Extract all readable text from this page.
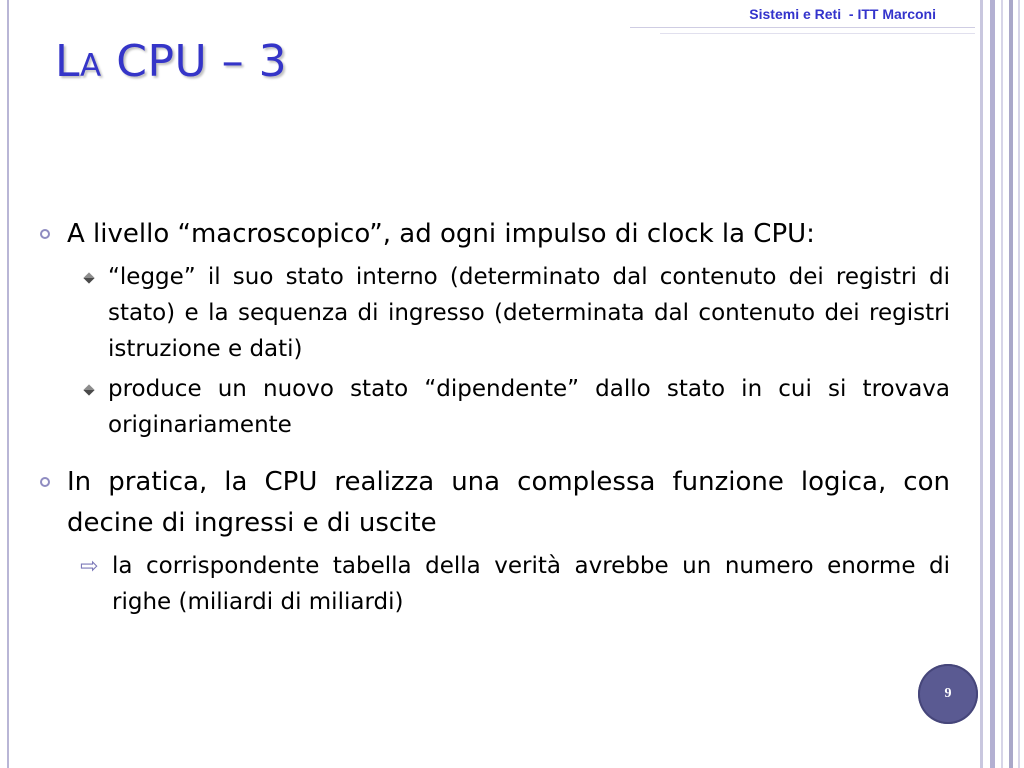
Sistemi e Reti  - ITT Marconi
La CPU – 3
A livello “macroscopico”, ad ogni impulso di clock la CPU:
“legge” il suo stato interno (determinato dal contenuto dei registri di stato) e la sequenza di ingresso (determinata dal contenuto dei registri istruzione e dati)
produce un nuovo stato “dipendente” dallo stato in cui si trovava originariamente
In pratica, la CPU realizza una complessa funzione logica, con decine di ingressi e di uscite
⇨ la corrispondente tabella della verità avrebbe un numero enorme di righe (miliardi di miliardi)
9
